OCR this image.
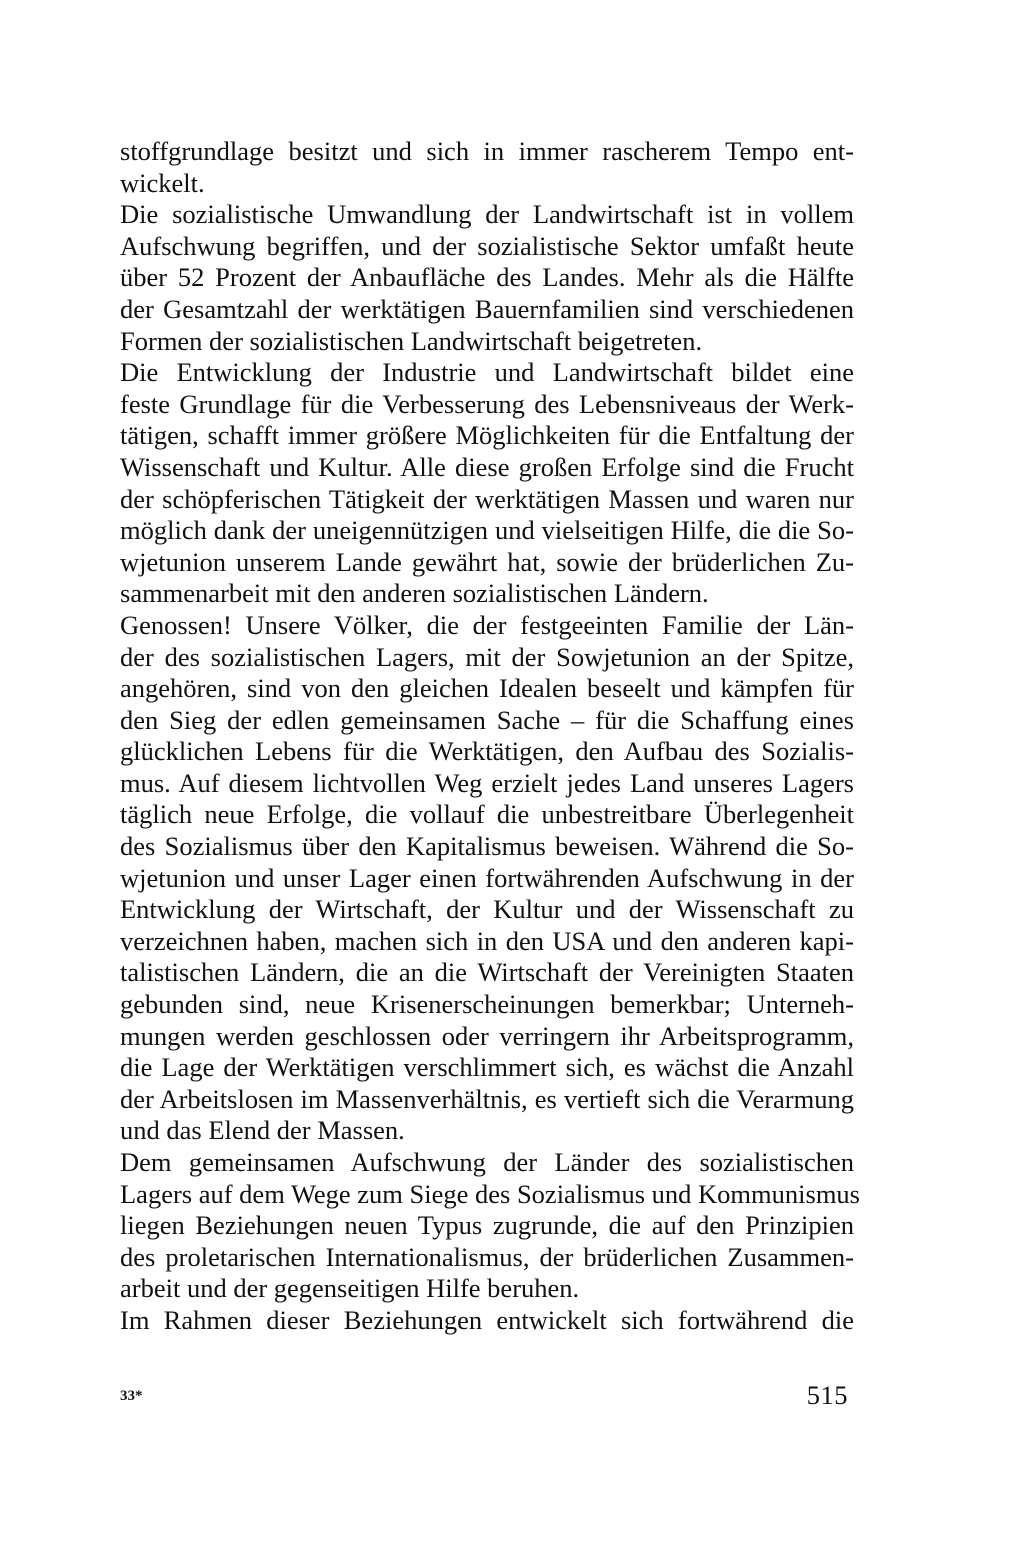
stoffgrundlage besitzt und sich in immer rascherem Tempo ent-
wickelt.
Die sozialistische Umwandlung der Landwirtschaft ist in vollem
Aufschwung begriffen, und der sozialistische Sektor umfaßt heute
über 52 Prozent der Anbaufläche des Landes. Mehr als die Hälfte
der Gesamtzahl der werktätigen Bauernfamilien sind verschiedenen
Formen der sozialistischen Landwirtschaft beigetreten.
Die Entwicklung der Industrie und Landwirtschaft bildet eine
feste Grundlage für die Verbesserung des Lebensniveaus der Werk-
tätigen, schafft immer größere Möglichkeiten für die Entfaltung der
Wissenschaft und Kultur. Alle diese großen Erfolge sind die Frucht
der schöpferischen Tätigkeit der werktätigen Massen und waren nur
möglich dank der uneigennützigen und vielseitigen Hilfe, die die So-
wjetunion unserem Lande gewährt hat, sowie der brüderlichen Zu-
sammenarbeit mit den anderen sozialistischen Ländern.
Genossen! Unsere Völker, die der festgeeinten Familie der Län-
der des sozialistischen Lagers, mit der Sowjetunion an der Spitze,
angehören, sind von den gleichen Idealen beseelt und kämpfen für
den Sieg der edlen gemeinsamen Sache – für die Schaffung eines
glücklichen Lebens für die Werktätigen, den Aufbau des Sozialis-
mus. Auf diesem lichtvollen Weg erzielt jedes Land unseres Lagers
täglich neue Erfolge, die vollauf die unbestreitbare Überlegenheit
des Sozialismus über den Kapitalismus beweisen. Während die So-
wjetunion und unser Lager einen fortwährenden Aufschwung in der
Entwicklung der Wirtschaft, der Kultur und der Wissenschaft zu
verzeichnen haben, machen sich in den USA und den anderen kapi-
talistischen Ländern, die an die Wirtschaft der Vereinigten Staaten
gebunden sind, neue Krisenerscheinungen bemerkbar; Unterneh-
mungen werden geschlossen oder verringern ihr Arbeitsprogramm,
die Lage der Werktätigen verschlimmert sich, es wächst die Anzahl
der Arbeitslosen im Massenverhältnis, es vertieft sich die Verarmung
und das Elend der Massen.
Dem gemeinsamen Aufschwung der Länder des sozialistischen
Lagers auf dem Wege zum Siege des Sozialismus und Kommunismus
liegen Beziehungen neuen Typus zugrunde, die auf den Prinzipien
des proletarischen Internationalismus, der brüderlichen Zusammen-
arbeit und der gegenseitigen Hilfe beruhen.
Im Rahmen dieser Beziehungen entwickelt sich fortwährend die
33*	515
